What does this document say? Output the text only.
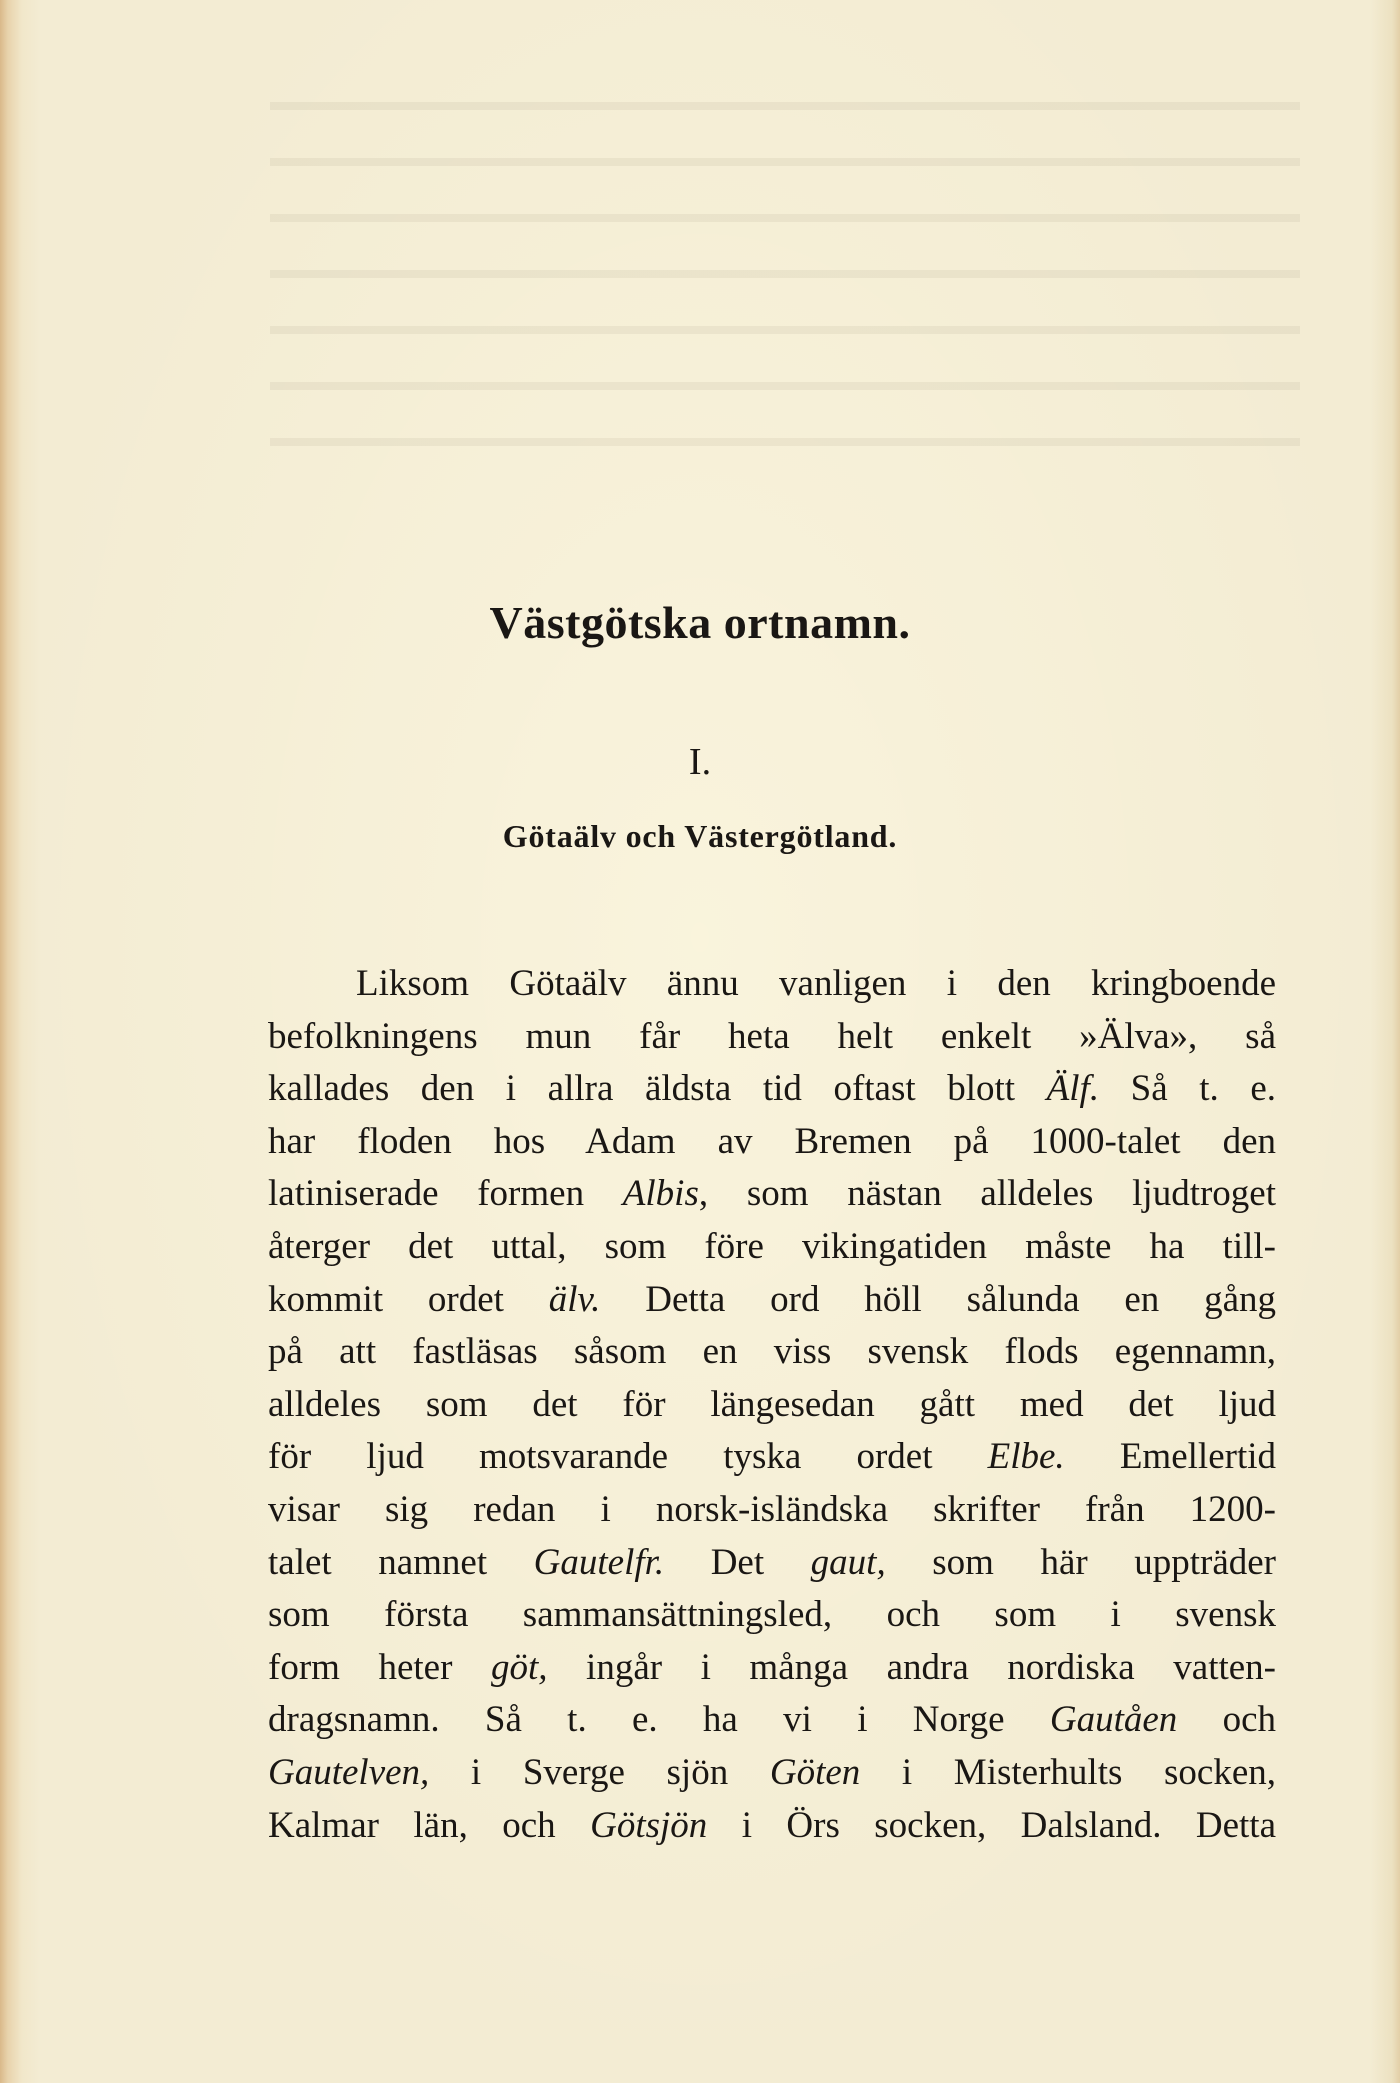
Västgötska ortnamn.
I.
Götaälv och Västergötland.
Liksom Götaälv ännu vanligen i den kringboende
befolkningens mun får heta helt enkelt »Älva», så
kallades den i allra äldsta tid oftast blott Älf. Så t. e.
har floden hos Adam av Bremen på 1000-talet den
latiniserade formen Albis, som nästan alldeles ljudtroget
återger det uttal, som före vikingatiden måste ha till-
kommit ordet älv. Detta ord höll sålunda en gång
på att fastläsas såsom en viss svensk flods egennamn,
alldeles som det för längesedan gått med det ljud
för ljud motsvarande tyska ordet Elbe. Emellertid
visar sig redan i norsk-isländska skrifter från 1200-
talet namnet Gautelfr. Det gaut, som här uppträder
som första sammansättningsled, och som i svensk
form heter göt, ingår i många andra nordiska vatten-
dragsnamn. Så t. e. ha vi i Norge Gautåen och
Gautelven, i Sverge sjön Göten i Misterhults socken,
Kalmar län, och Götsjön i Örs socken, Dalsland. Detta
